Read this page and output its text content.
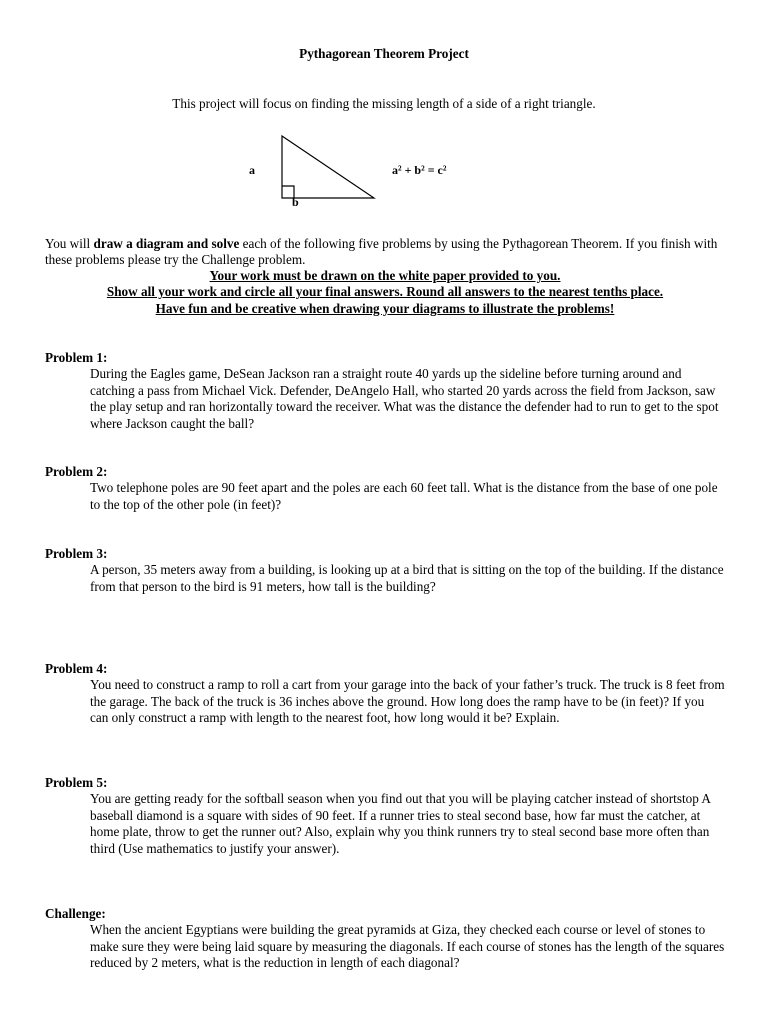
Pythagorean Theorem Project
This project will focus on finding the missing length of a side of a right triangle.
a
b
a² + b² = c²
You will draw a diagram and solve each of the following five problems by using the Pythagorean Theorem. If you finish with these problems please try the Challenge problem.
Your work must be drawn on the white paper provided to you.
Show all your work and circle all your final answers. Round all answers to the nearest tenths place.
Have fun and be creative when drawing your diagrams to illustrate the problems!
Problem 1:
During the Eagles game, DeSean Jackson ran a straight route 40 yards up the sideline before turning around and catching a pass from Michael Vick. Defender, DeAngelo Hall, who started 20 yards across the field from Jackson, saw the play setup and ran horizontally toward the receiver. What was the distance the defender had to run to get to the spot where Jackson caught the ball?
Problem 2:
Two telephone poles are 90 feet apart and the poles are each 60 feet tall. What is the distance from the base of one pole to the top of the other pole (in feet)?
Problem 3:
A person, 35 meters away from a building, is looking up at a bird that is sitting on the top of the building. If the distance from that person to the bird is 91 meters, how tall is the building?
Problem 4:
You need to construct a ramp to roll a cart from your garage into the back of your father’s truck. The truck is 8 feet from the garage. The back of the truck is 36 inches above the ground. How long does the ramp have to be (in feet)? If you can only construct a ramp with length to the nearest foot, how long would it be? Explain.
Problem 5:
You are getting ready for the softball season when you find out that you will be playing catcher instead of shortstop A baseball diamond is a square with sides of 90 feet. If a runner tries to steal second base, how far must the catcher, at home plate, throw to get the runner out? Also, explain why you think runners try to steal second base more often than third (Use mathematics to justify your answer).
Challenge:
When the ancient Egyptians were building the great pyramids at Giza, they checked each course or level of stones to make sure they were being laid square by measuring the diagonals. If each course of stones has the length of the squares reduced by 2 meters, what is the reduction in length of each diagonal?
